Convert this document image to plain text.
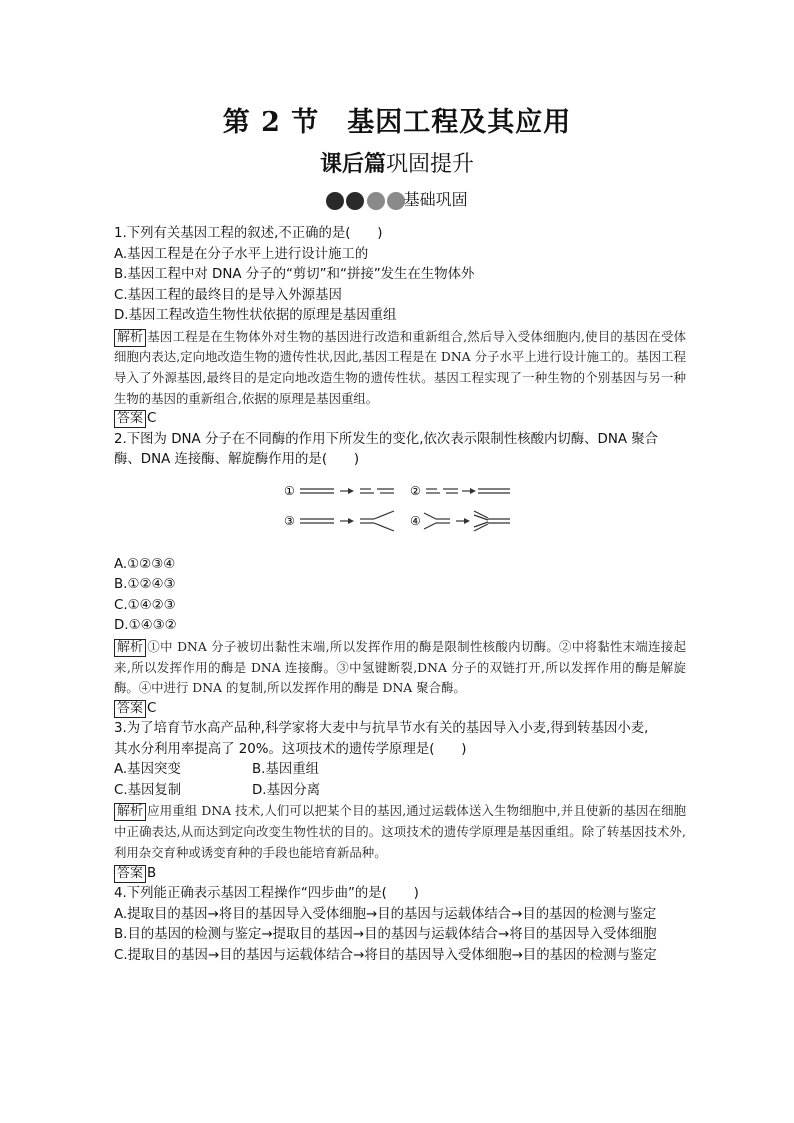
第 2 节　基因工程及其应用
课后篇巩固提升
基础巩固
1.下列有关基因工程的叙述,不正确的是(　　)
A.基因工程是在分子水平上进行设计施工的
B.基因工程中对 DNA 分子的“剪切”和“拼接”发生在生物体外
C.基因工程的最终目的是导入外源基因
D.基因工程改造生物性状依据的原理是基因重组
解析 基因工程是在生物体外对生物的基因进行改造和重新组合,然后导入受体细胞内,使目的基因在受体细胞内表达,定向地改造生物的遗传性状,因此,基因工程是在 DNA 分子水平上进行设计施工的。基因工程导入了外源基因,最终目的是定向地改造生物的遗传性状。基因工程实现了一种生物的个别基因与另一种生物的基因的重新组合,依据的原理是基因重组。
答案 C
2.下图为 DNA 分子在不同酶的作用下所发生的变化,依次表示限制性核酸内切酶、DNA 聚合
酶、DNA 连接酶、解旋酶作用的是(　　)
①	②
③	④
A.①②③④
B.①②④③
C.①④②③
D.①④③②
解析 ①中 DNA 分子被切出黏性末端,所以发挥作用的酶是限制性核酸内切酶。②中将黏性末端连接起来,所以发挥作用的酶是 DNA 连接酶。③中氢键断裂,DNA 分子的双链打开,所以发挥作用的酶是解旋酶。④中进行 DNA 的复制,所以发挥作用的酶是 DNA 聚合酶。
答案 C
3.为了培育节水高产品种,科学家将大麦中与抗旱节水有关的基因导入小麦,得到转基因小麦,
其水分利用率提高了 20%。这项技术的遗传学原理是(　　)
A.基因突变	B.基因重组
C.基因复制	D.基因分离
解析 应用重组 DNA 技术,人们可以把某个目的基因,通过运载体送入生物细胞中,并且使新的基因在细胞中正确表达,从而达到定向改变生物性状的目的。这项技术的遗传学原理是基因重组。除了转基因技术外,利用杂交育种或诱变育种的手段也能培育新品种。
答案 B
4.下列能正确表示基因工程操作“四步曲”的是(　　)
A.提取目的基因→将目的基因导入受体细胞→目的基因与运载体结合→目的基因的检测与鉴定
B.目的基因的检测与鉴定→提取目的基因→目的基因与运载体结合→将目的基因导入受体细胞
C.提取目的基因→目的基因与运载体结合→将目的基因导入受体细胞→目的基因的检测与鉴定
